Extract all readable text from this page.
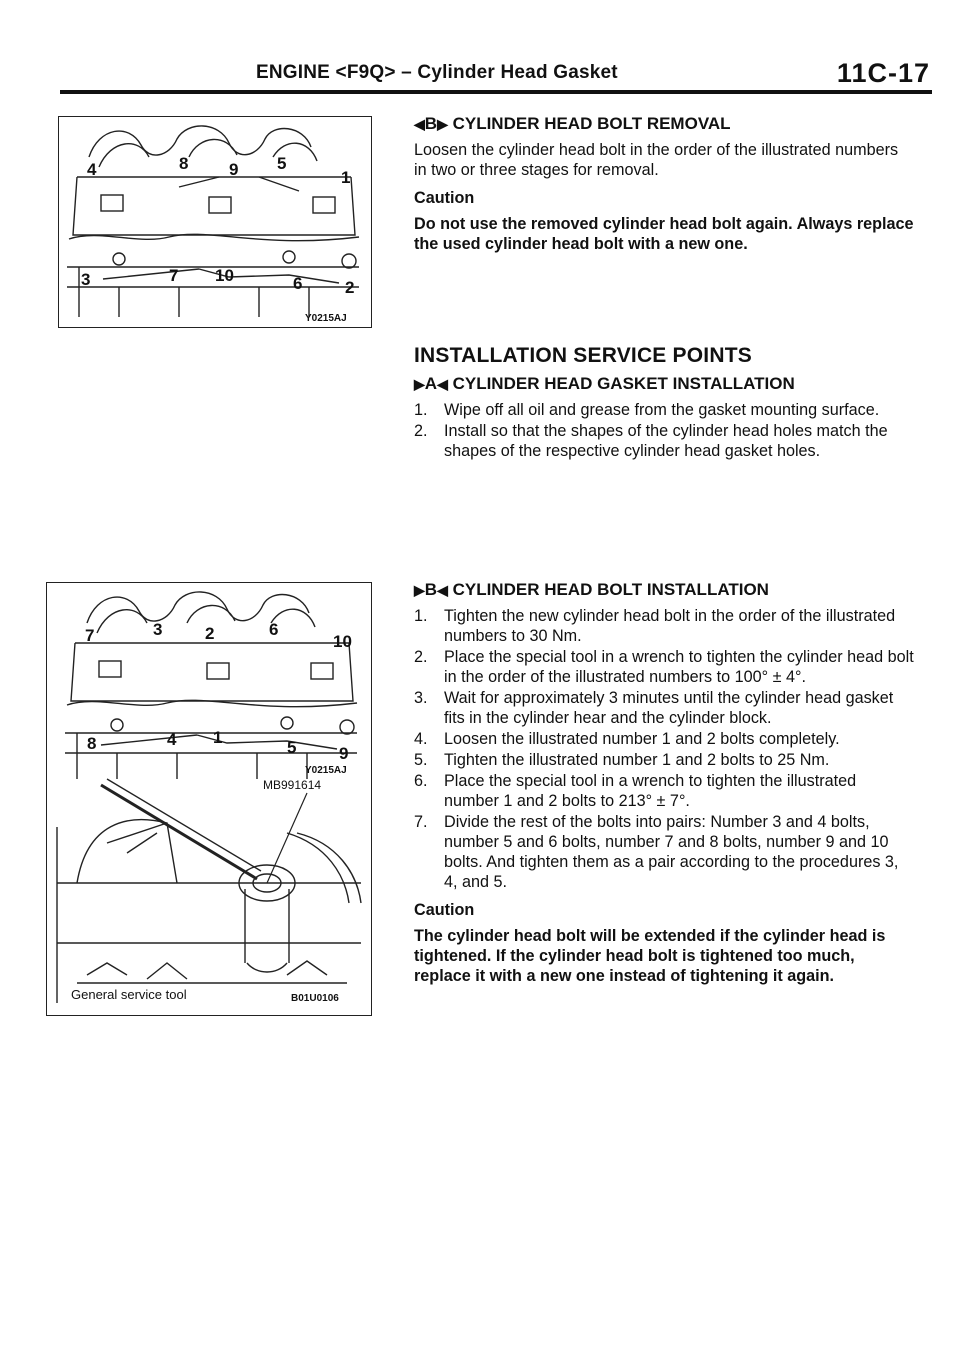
ENGINE <F9Q> – Cylinder Head Gasket	11C-17
4	8 9 5
1
3	7 10	6	2
Y0215AJ
7	3	2	6
10
8	4 1
5	9
Y0215AJ
MB991614
General service tool	B01U0106
◀B▶ CYLINDER HEAD BOLT REMOVAL

Loosen the cylinder head bolt in the order of the illustrated numbers in two or three stages for removal.

Caution

Do not use the removed cylinder head bolt again. Always replace the used cylinder head bolt with a new one.

INSTALLATION SERVICE POINTS
▶A◀ CYLINDER HEAD GASKET INSTALLATION
1.	Wipe off all oil and grease from the gasket mounting surface.
2.	Install so that the shapes of the cylinder head holes match the shapes of the respective cylinder head gasket holes.
▶B◀ CYLINDER HEAD BOLT INSTALLATION
1.	Tighten the new cylinder head bolt in the order of the illustrated numbers to 30 Nm.
2.	Place the special tool in a wrench to tighten the cylinder head bolt in the order of the illustrated numbers to 100° ± 4°.
3.	Wait for approximately 3 minutes until the cylinder head gasket fits in the cylinder hear and the cylinder block.
4.	Loosen the illustrated number 1 and 2 bolts completely.
5.	Tighten the illustrated number 1 and 2 bolts to 25 Nm.
6.	Place the special tool in a wrench to tighten the illustrated number 1 and 2 bolts to 213° ± 7°.
7.	Divide the rest of the bolts into pairs: Number 3 and 4 bolts, number 5 and 6 bolts, number 7 and 8 bolts, number 9 and 10 bolts. And tighten them as a pair according to the procedures 3, 4, and 5.
Caution

The cylinder head bolt will be extended if the cylinder head is tightened. If the cylinder head bolt is tightened too much, replace it with a new one instead of tightening it again.
